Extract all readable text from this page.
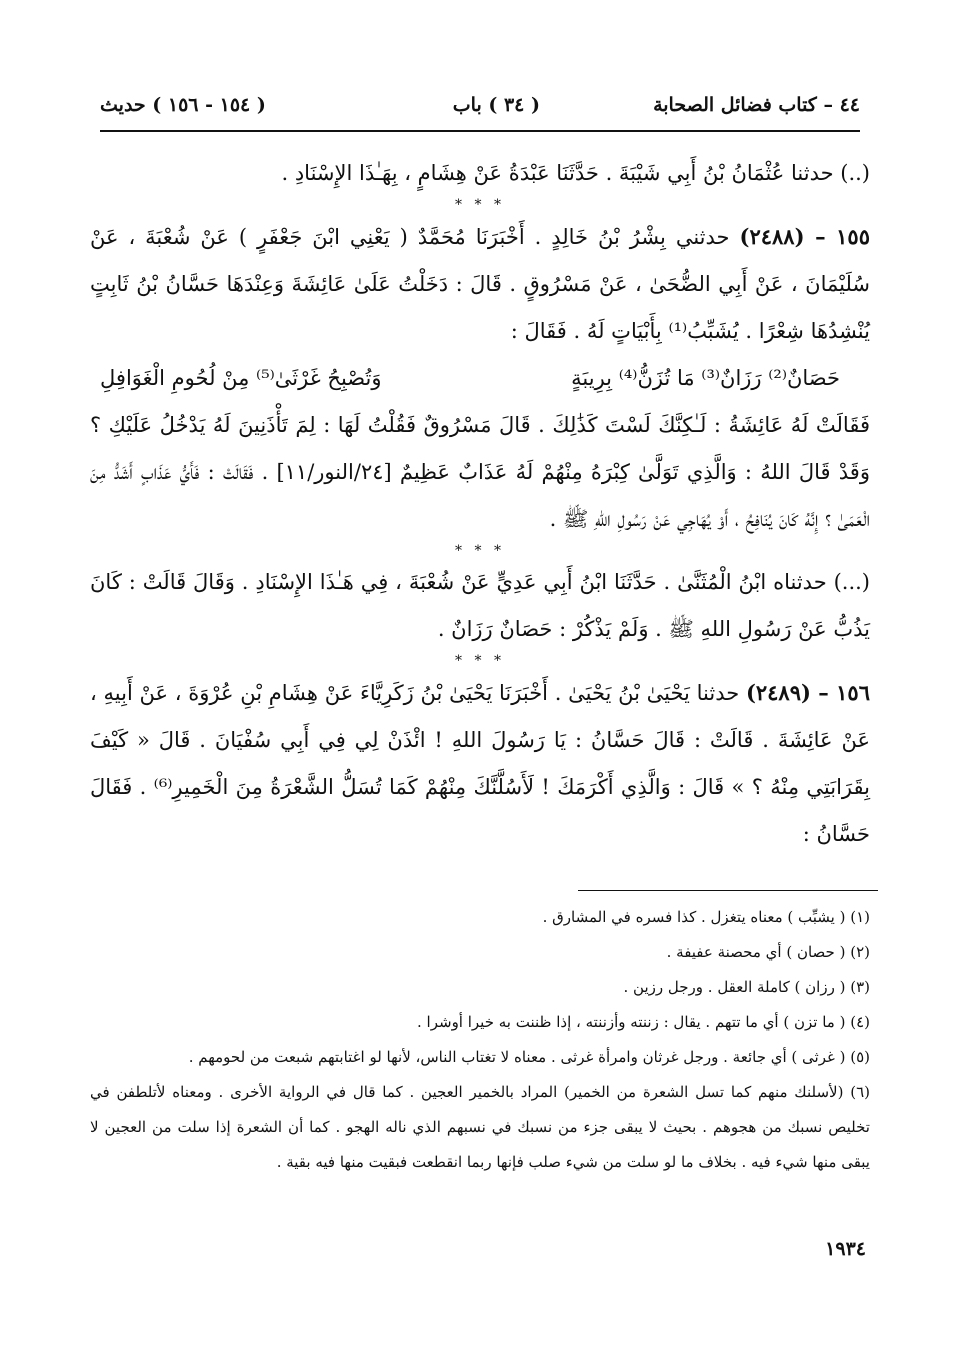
٤٤ – كتاب فضائل الصحابة
( ٣٤ ) باب
( ١٥٤ - ١٥٦ ) حديث

(..) حدثنا عُثْمَانُ بْنُ أَبِي شَيْبَةَ . حَدَّثَنَا عَبْدَةُ عَنْ هِشَامٍ ، بِهَـٰذَا الإِسْنَادِ .

* * *

١٥٥ – (٢٤٨٨) حدثني بِشْرُ بْنُ خَالِدٍ . أَخْبَرَنَا مُحَمَّدٌ ( يَعْنِي ابْنَ جَعْفَرٍ ) عَنْ شُعْبَةَ ، عَنْ سُلَيْمَانَ ، عَنْ أَبِي الضُّحَىٰ ، عَنْ مَسْرُوقٍ . قَالَ : دَخَلْتُ عَلَىٰ عَائِشَةَ وَعِنْدَهَا حَسَّانُ بْنُ ثَابِتٍ يُنْشِدُهَا شِعْرًا . يُشَبِّبُ⁽¹⁾ بِأَبْيَاتٍ لَهُ . فَقَالَ :

حَصَانٌ⁽²⁾ رَزَانٌ⁽³⁾ مَا تُزَنُّ⁽⁴⁾ بِرِيبَةٍ
وَتُصْبِحُ غَرْثَىٰ⁽⁵⁾ مِنْ لُحُومِ الْغَوَافِلِ

فَقَالَتْ لَهُ عَائِشَةُ : لَـٰكِنَّكَ لَسْتَ كَذَٰلِكَ . قَالَ مَسْرُوقٌ فَقُلْتُ لَهَا : لِمَ تَأْذَنِينَ لَهُ يَدْخُلُ عَلَيْكِ ؟ وَقَدْ قَالَ اللهُ : وَالَّذِي تَوَلَّىٰ كِبْرَهُ مِنْهُمْ لَهُ عَذَابٌ عَظِيمٌ [٢٤/النور/١١] . فَقَالَتْ : فَأَيُّ عَذَابٍ أَشَدُّ مِنَ الْعَمَىٰ ؟ إِنَّهُ كَانَ يُنَافِحُ ، أَوْ يُهَاجِي عَنْ رَسُولِ اللهِ ﷺ .

* * *

(...) حدثناه ابْنُ الْمُثَنَّىٰ . حَدَّثَنَا ابْنُ أَبِي عَدِيٍّ عَنْ شُعْبَةَ ، فِي هَـٰذَا الإِسْنَادِ . وَقَالَ قَالَتْ : كَانَ يَذُبُّ عَنْ رَسُولِ اللهِ ﷺ . وَلَمْ يَذْكُرْ : حَصَانٌ رَزَانٌ .

* * *

١٥٦ – (٢٤٨٩) حدثنا يَحْيَىٰ بْنُ يَحْيَىٰ . أَخْبَرَنَا يَحْيَىٰ بْنُ زَكَرِيَّاءَ عَنْ هِشَامِ بْنِ عُرْوَةَ ، عَنْ أَبِيهِ ، عَنْ عَائِشَةَ . قَالَتْ : قَالَ حَسَّانُ : يَا رَسُولَ اللهِ ! ائْذَنْ لِي فِي أَبِي سُفْيَانَ . قَالَ « كَيْفَ بِقَرَابَتِي مِنْهُ ؟ » قَالَ : وَالَّذِي أَكْرَمَكَ ! لَأَسُلَّنَّكَ مِنْهُمْ كَمَا تُسَلُّ الشَّعْرَةُ مِنَ الْخَمِيرِ⁽⁶⁾ . فَقَالَ حَسَّانُ :

(١) ( يشبِّب ) معناه يتغزل . كذا فسره في المشارق .

(٢) ( حصان ) أي محصنة عفيفة .

(٣) ( رزان ) كاملة العقل . ورجل رزين .

(٤) ( ما تزن ) أي ما تتهم . يقال : زننته وأزننته ، إذا ظننت به خيرا أوشرا .

(٥) ( غرثى ) أي جائعة . ورجل غرثان وامرأة غرثى . معناه لا تغتاب الناس، لأنها لو اغتابتهم شبعت من لحومهم .

(٦) (لأسلنك منهم كما تسل الشعرة من الخمير) المراد بالخمير العجين . كما قال في الرواية الأخرى . ومعناه لأتلطفن في تخليص نسبك من هجوهم . بحيث لا يبقى جزء من نسبك في نسبهم الذي ناله الهجو . كما أن الشعرة إذا سلت من العجين لا يبقى منها شيء فيه . بخلاف ما لو سلت من شيء صلب فإنها ربما انقطعت فبقيت منها فيه بقية .

١٩٣٤
